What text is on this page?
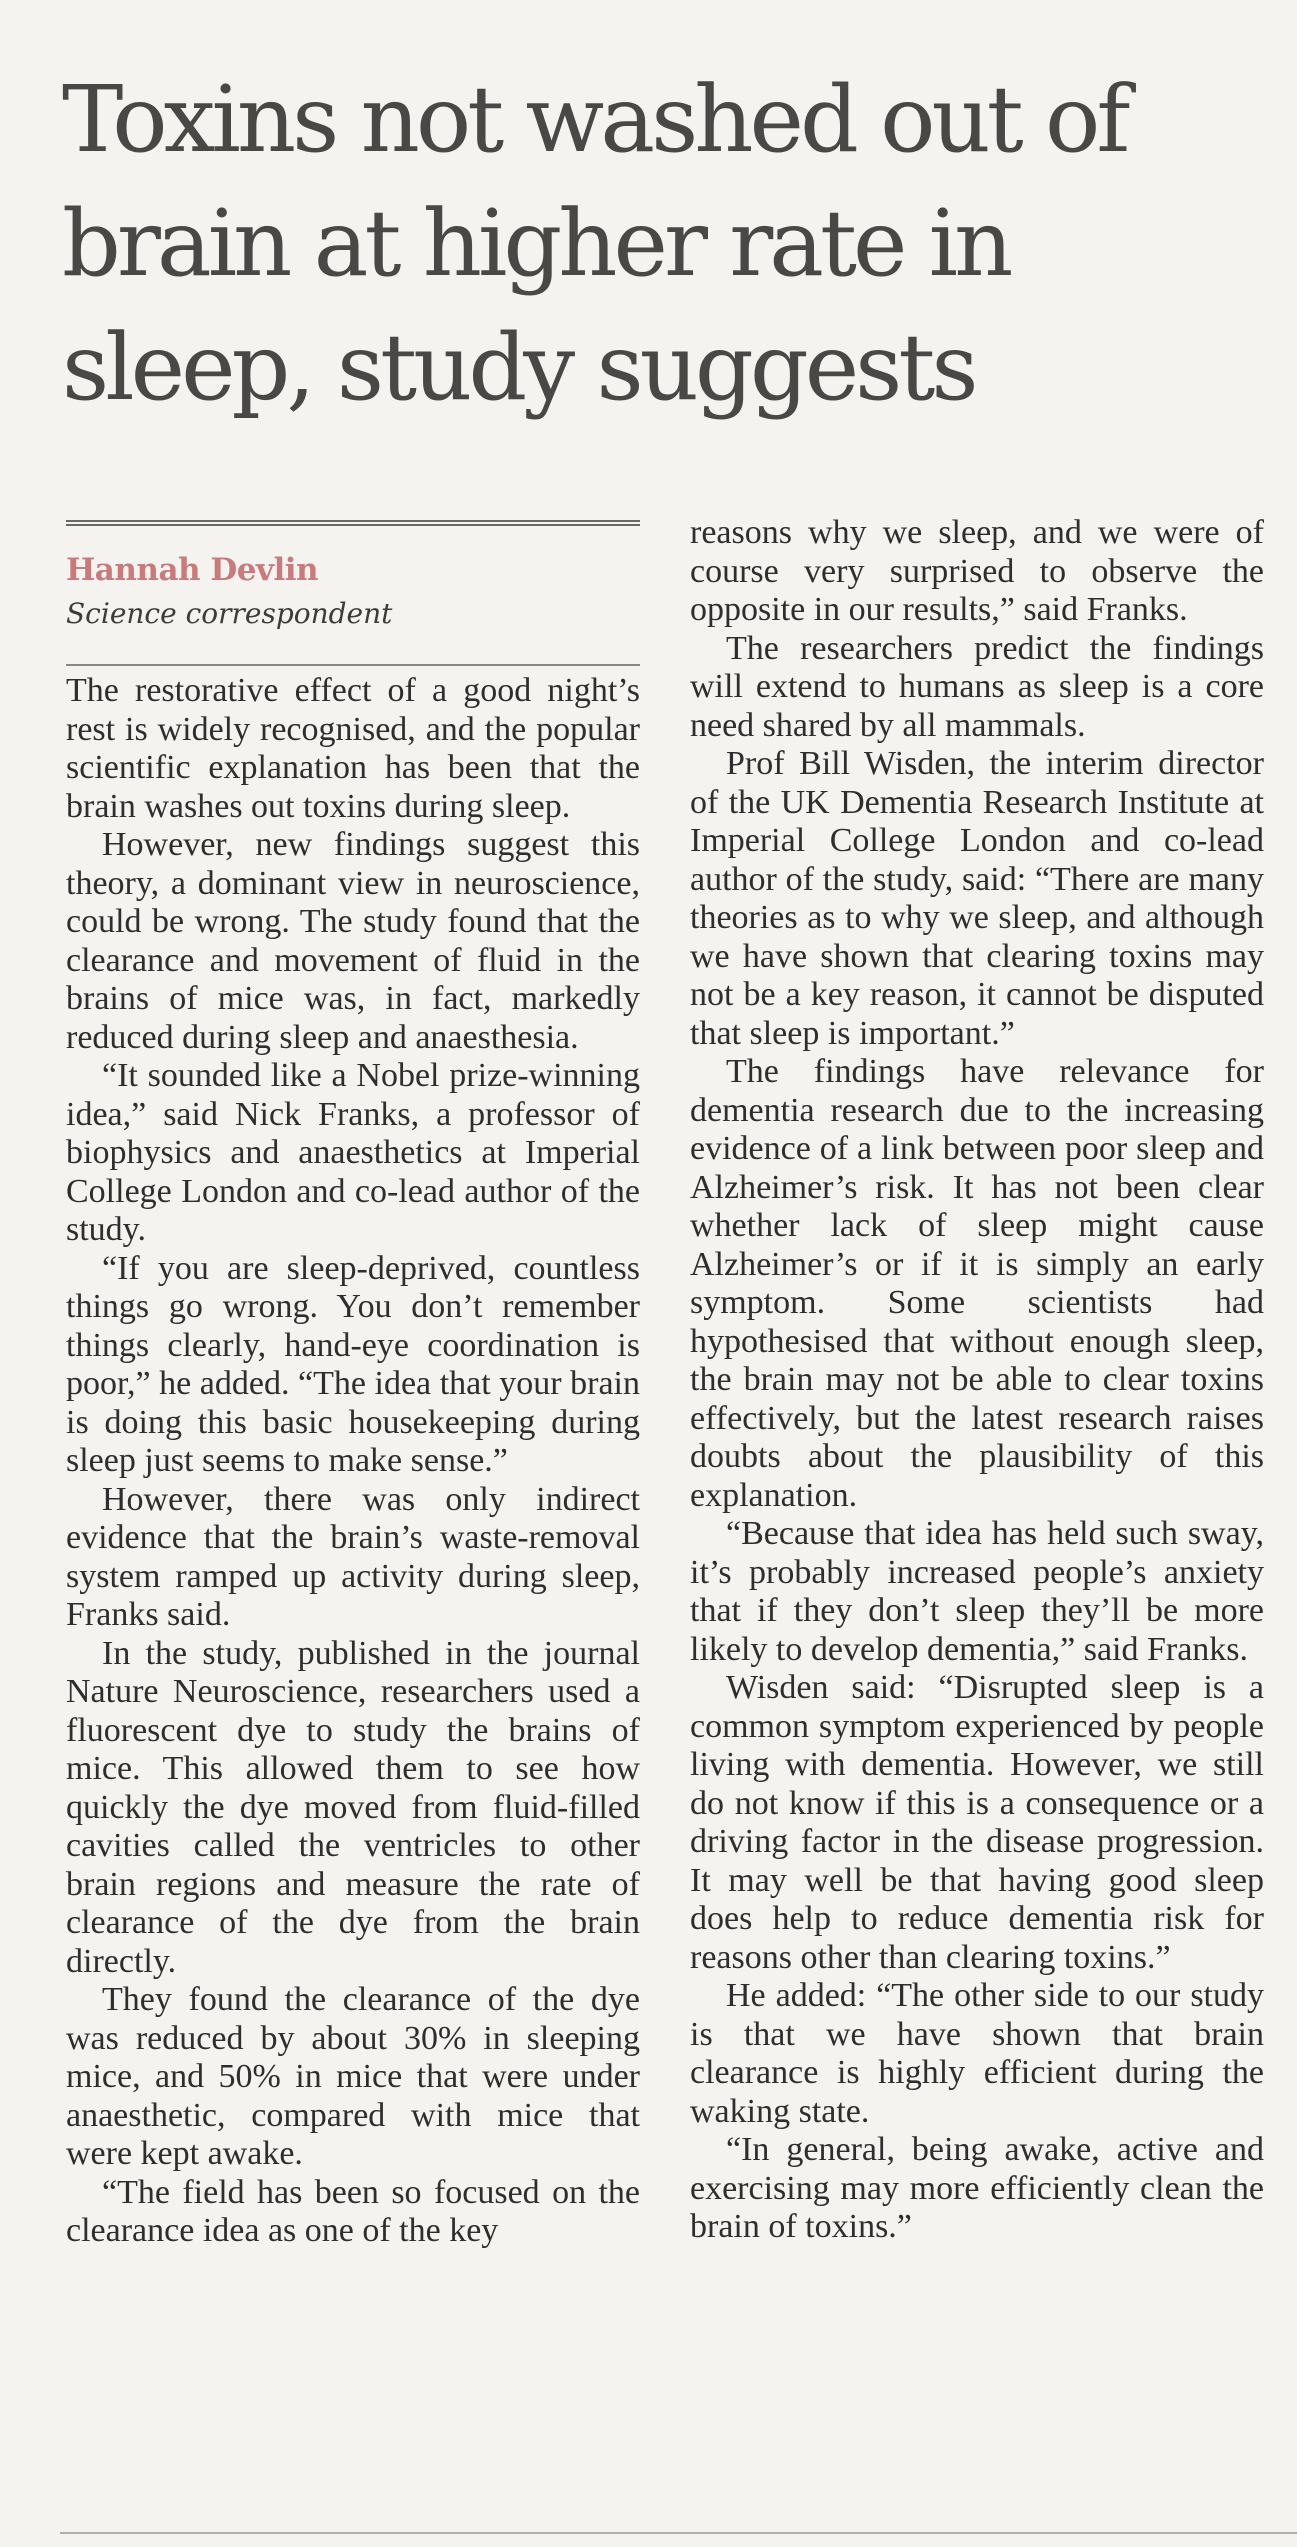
Toxins not washed out of brain at higher rate in sleep, study suggests
Hannah Devlin
Science correspondent

The restorative effect of a good night’s rest is widely recognised, and the popular scientific explanation has been that the brain washes out toxins during sleep.

However, new findings suggest this theory, a dominant view in neuroscience, could be wrong. The study found that the clearance and movement of fluid in the brains of mice was, in fact, markedly reduced during sleep and anaesthesia.

“It sounded like a Nobel prize-winning idea,” said Nick Franks, a professor of biophysics and anaesthetics at Imperial College London and co-lead author of the study.

“If you are sleep-deprived, countless things go wrong. You don’t remember things clearly, hand-eye coordination is poor,” he added. “The idea that your brain is doing this basic housekeeping during sleep just seems to make sense.”

However, there was only indirect evidence that the brain’s waste-removal system ramped up activity during sleep, Franks said.

In the study, published in the journal Nature Neuroscience, researchers used a fluorescent dye to study the brains of mice. This allowed them to see how quickly the dye moved from fluid-filled cavities called the ventricles to other brain regions and measure the rate of clearance of the dye from the brain directly.

They found the clearance of the dye was reduced by about 30% in sleeping mice, and 50% in mice that were under anaesthetic, compared with mice that were kept awake.

“The field has been so focused on the clearance idea as one of the key

reasons why we sleep, and we were of course very surprised to observe the opposite in our results,” said Franks.

The researchers predict the findings will extend to humans as sleep is a core need shared by all mammals.

Prof Bill Wisden, the interim director of the UK Dementia Research Institute at Imperial College London and co-lead author of the study, said: “There are many theories as to why we sleep, and although we have shown that clearing toxins may not be a key reason, it cannot be disputed that sleep is important.”

The findings have relevance for dementia research due to the increasing evidence of a link between poor sleep and Alzheimer’s risk. It has not been clear whether lack of sleep might cause Alzheimer’s or if it is simply an early symptom. Some scientists had hypothesised that without enough sleep, the brain may not be able to clear toxins effectively, but the latest research raises doubts about the plausibility of this explanation.

“Because that idea has held such sway, it’s probably increased people’s anxiety that if they don’t sleep they’ll be more likely to develop dementia,” said Franks.

Wisden said: “Disrupted sleep is a common symptom experienced by people living with dementia. However, we still do not know if this is a consequence or a driving factor in the disease progression. It may well be that having good sleep does help to reduce dementia risk for reasons other than clearing toxins.”

He added: “The other side to our study is that we have shown that brain clearance is highly efficient during the waking state.

“In general, being awake, active and exercising may more efficiently clean the brain of toxins.”
